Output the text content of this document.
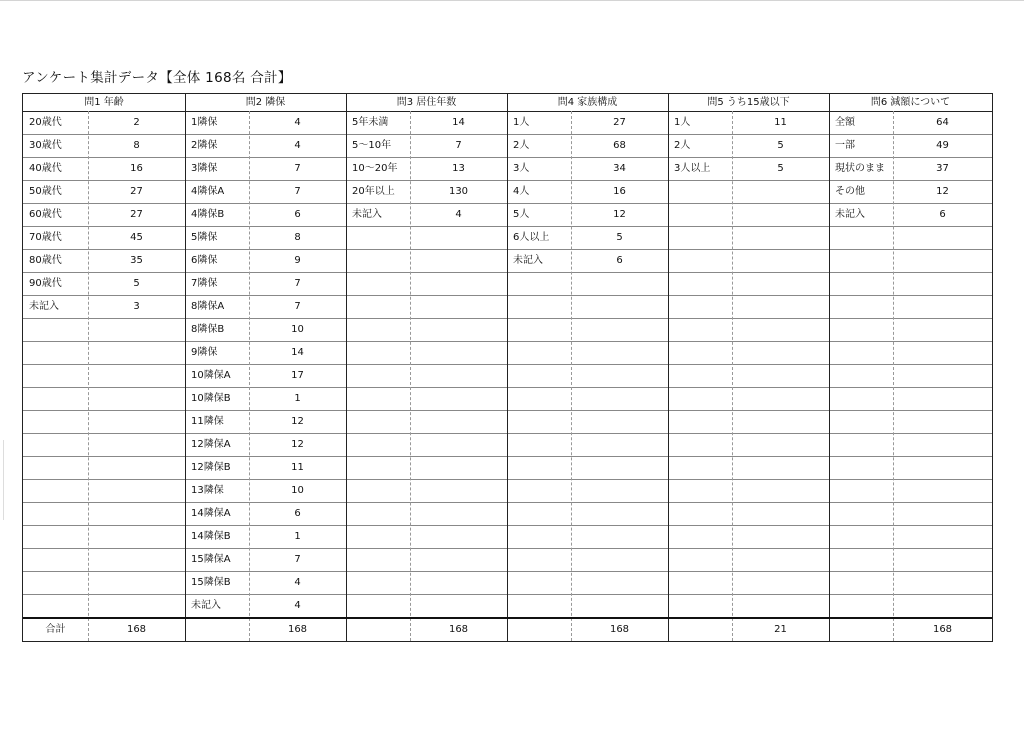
アンケート集計データ【全体 168名 合計】
問1 年齢
20歳代	2
30歳代	8
40歳代	16
50歳代	27
60歳代	27
70歳代	45
80歳代	35
90歳代	5
未記入	3
合計	168
問2 隣保
1隣保	4
2隣保	4
3隣保	7
4隣保A	7
4隣保B	6
5隣保	8
6隣保	9
7隣保	7
8隣保A	7
8隣保B	10
9隣保	14
10隣保A	17
10隣保B	1
11隣保	12
12隣保A	12
12隣保B	11
13隣保	10
14隣保A	6
14隣保B	1
15隣保A	7
15隣保B	4
未記入	4
168
問3 居住年数
5年未満	14
5〜10年	7
10〜20年	13
20年以上	130
未記入	4
168
問4 家族構成
1人	27
2人	68
3人	34
4人	16
5人	12
6人以上	5
未記入	6
168
問5 うち15歳以下
1人	11
2人	5
3人以上	5
21
問6 減額について
全額	64
一部	49
現状のまま	37
その他	12
未記入	6
168
